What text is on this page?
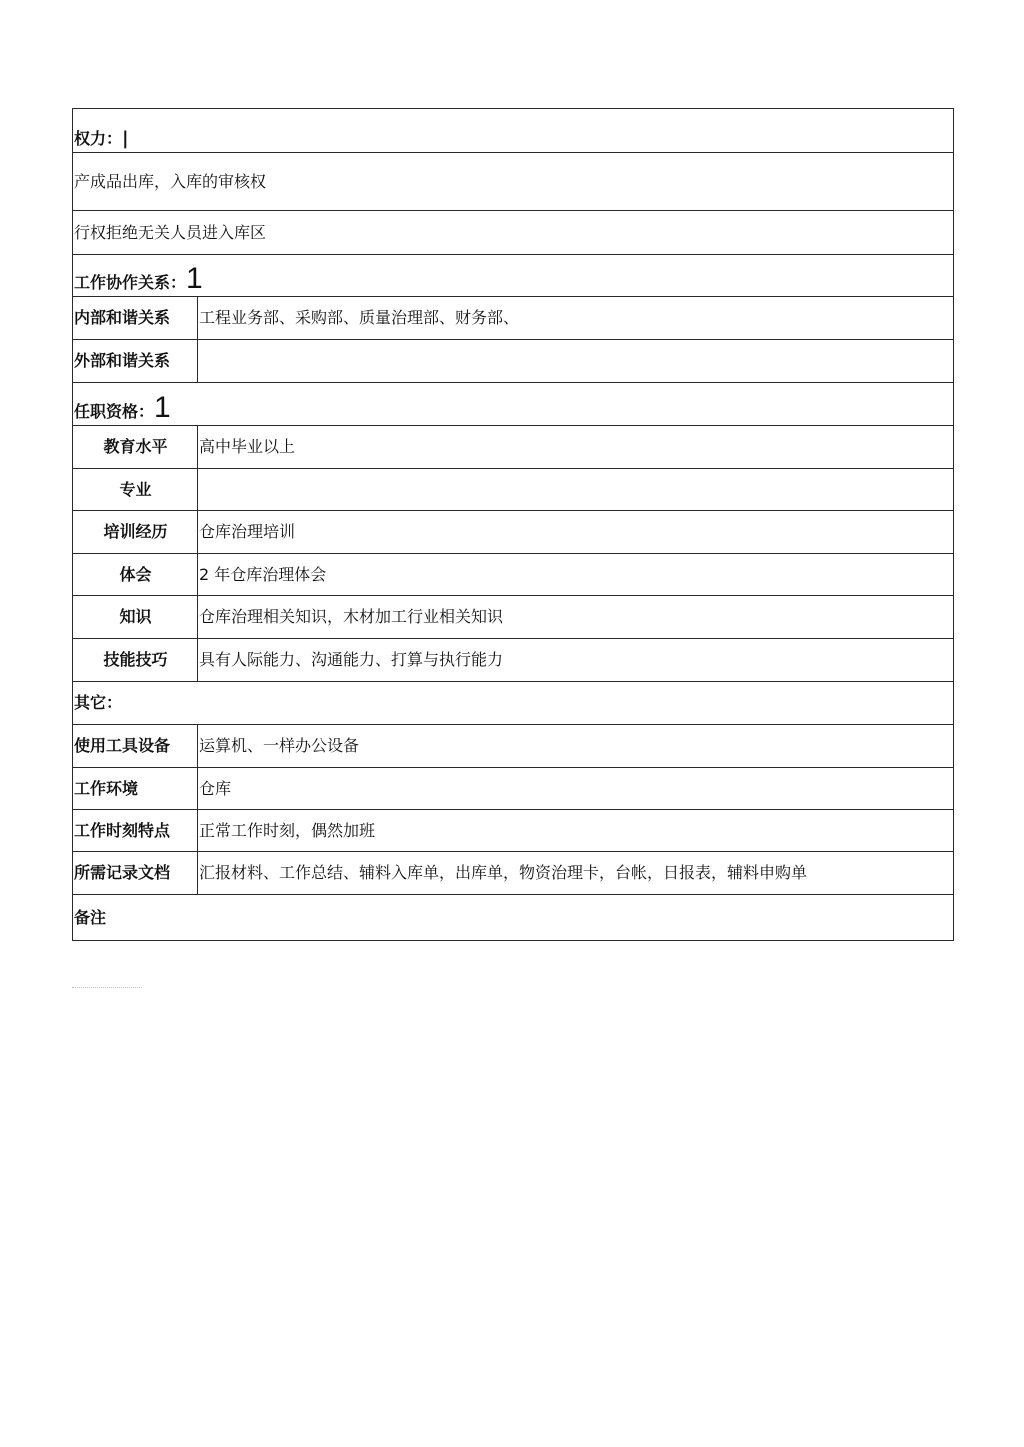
权力：|	
产成品出库，入库的审核权	
行权拒绝无关人员进入库区	
工作协作关系：1	
内部和谐关系	工程业务部、采购部、质量治理部、财务部、
外部和谐关系	
任职资格：1	
教育水平	高中毕业以上
专业	
培训经历	仓库治理培训
体会	2 年仓库治理体会
知识	仓库治理相关知识，木材加工行业相关知识
技能技巧	具有人际能力、沟通能力、打算与执行能力
其它：	
使用工具设备	运算机、一样办公设备
工作环境	仓库
工作时刻特点	正常工作时刻，偶然加班
所需记录文档	汇报材料、工作总结、辅料入库单，出库单，物资治理卡，台帐，日报表，辅料申购单
备注	
